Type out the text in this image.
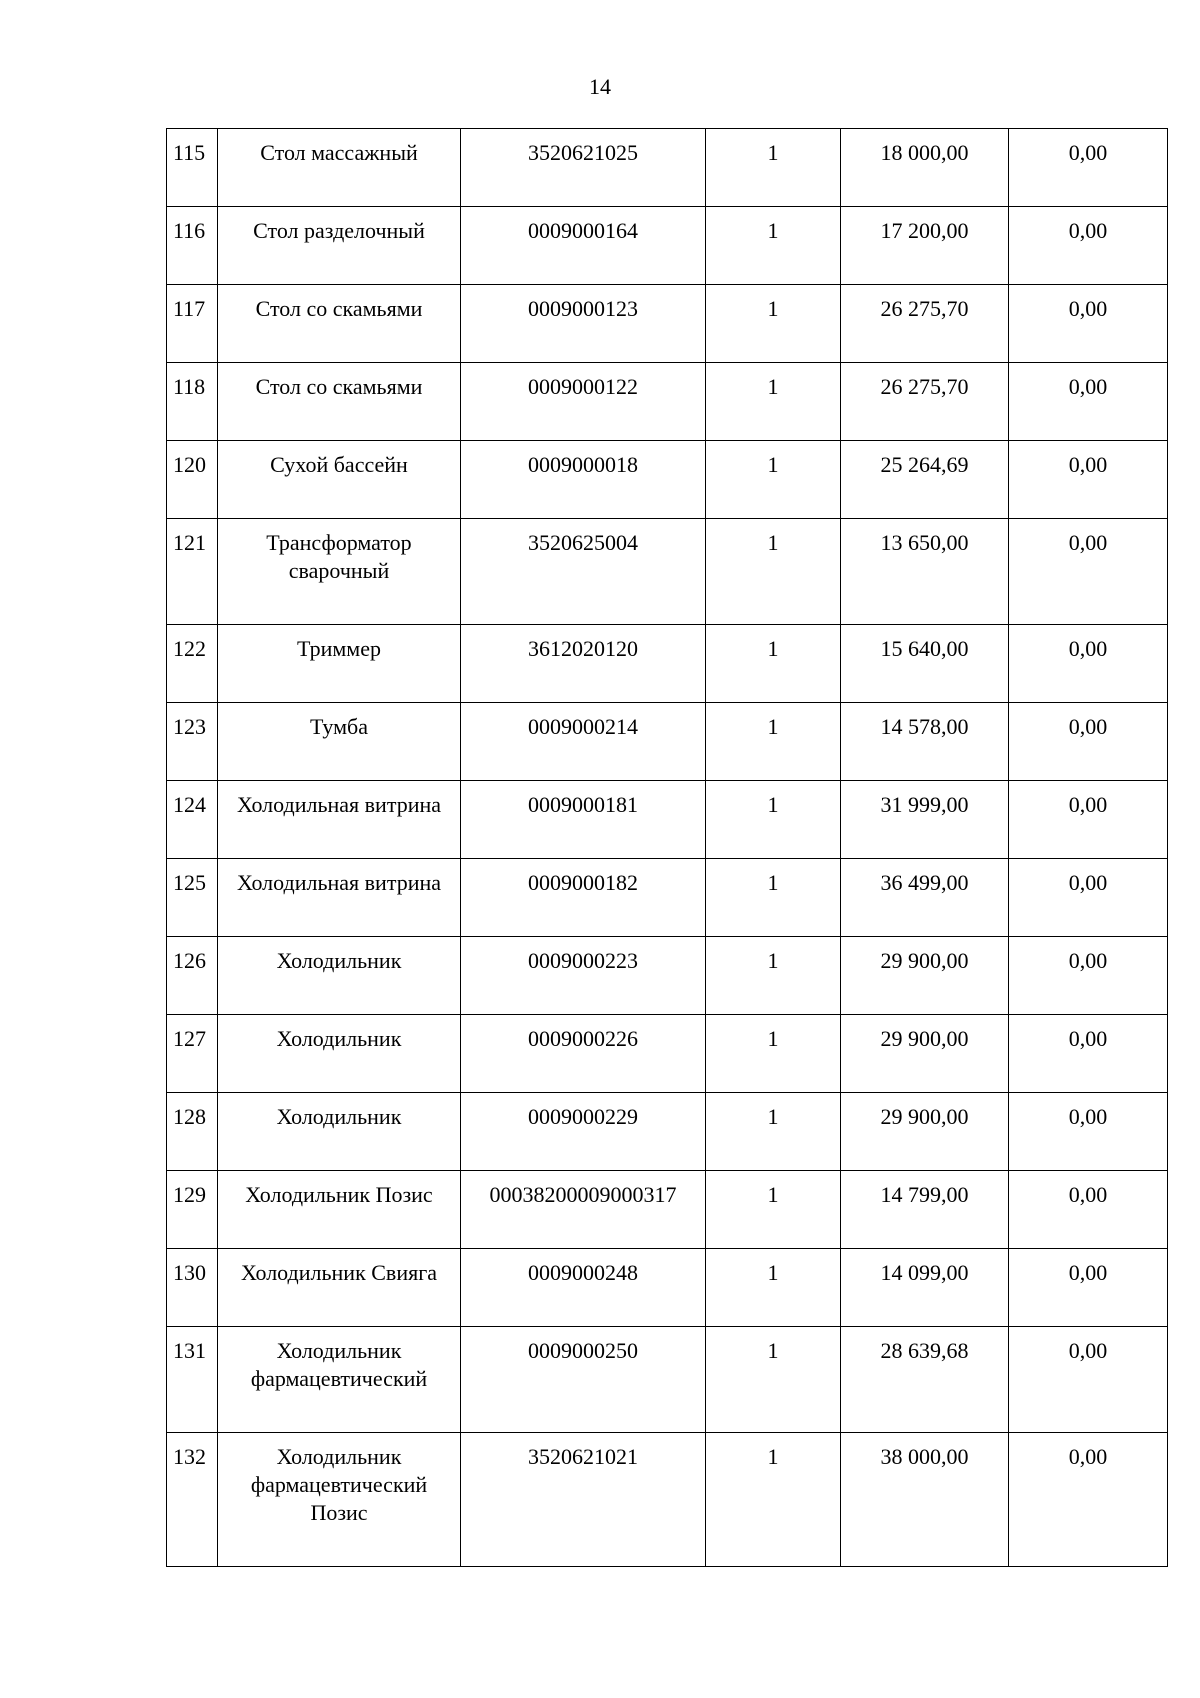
14
115	Стол массажный	3520621025	1	18 000,00	0,00
116	Стол разделочный	0009000164	1	17 200,00	0,00
117	Стол со скамьями	0009000123	1	26 275,70	0,00
118	Стол со скамьями	0009000122	1	26 275,70	0,00
120	Сухой бассейн	0009000018	1	25 264,69	0,00
121	Трансформатор сварочный	3520625004	1	13 650,00	0,00
122	Триммер	3612020120	1	15 640,00	0,00
123	Тумба	0009000214	1	14 578,00	0,00
124	Холодильная витрина	0009000181	1	31 999,00	0,00
125	Холодильная витрина	0009000182	1	36 499,00	0,00
126	Холодильник	0009000223	1	29 900,00	0,00
127	Холодильник	0009000226	1	29 900,00	0,00
128	Холодильник	0009000229	1	29 900,00	0,00
129	Холодильник Позис	00038200009000317	1	14 799,00	0,00
130	Холодильник Свияга	0009000248	1	14 099,00	0,00
131	Холодильник фармацевтический	0009000250	1	28 639,68	0,00
132	Холодильник фармацевтический Позис	3520621021	1	38 000,00	0,00
